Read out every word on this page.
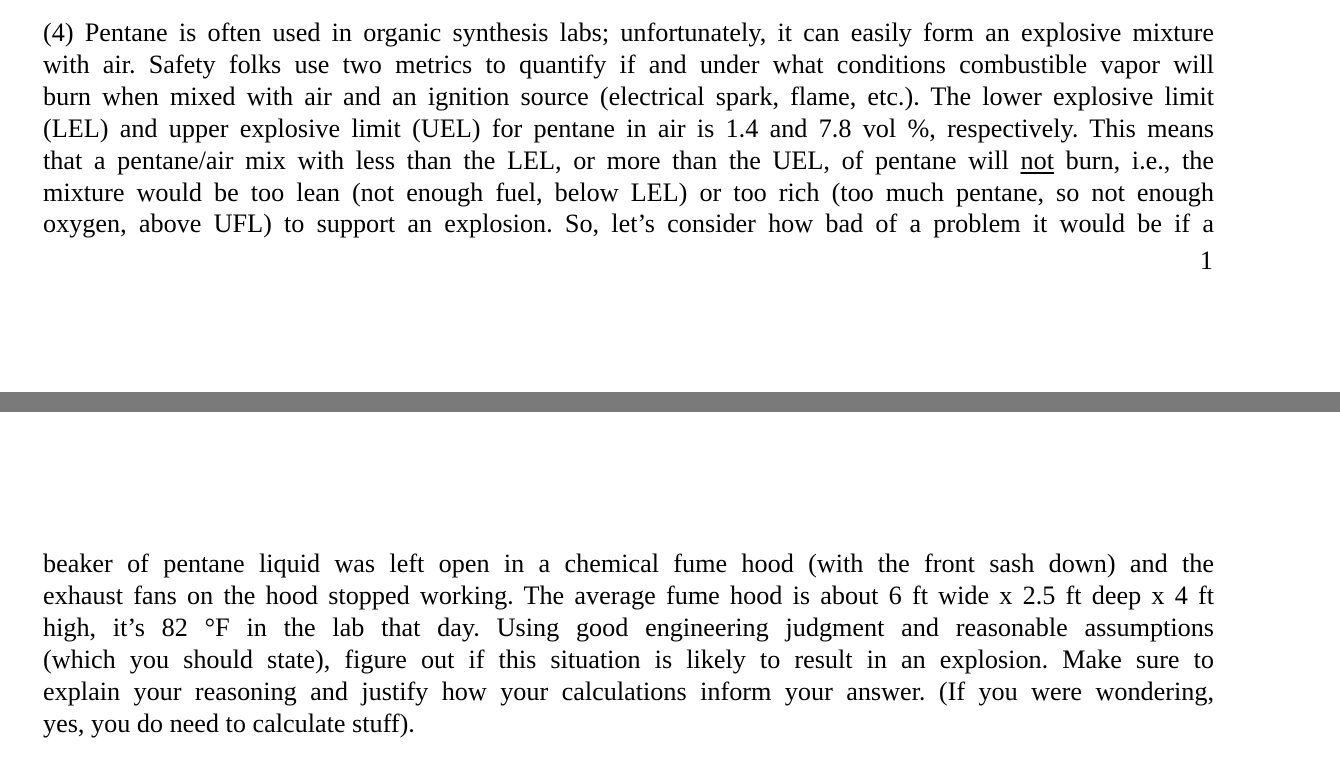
(4) Pentane is often used in organic synthesis labs; unfortunately, it can easily form an explosive mixture
with air. Safety folks use two metrics to quantify if and under what conditions combustible vapor will
burn when mixed with air and an ignition source (electrical spark, flame, etc.). The lower explosive limit
(LEL) and upper explosive limit (UEL) for pentane in air is 1.4 and 7.8 vol %, respectively. This means
that a pentane/air mix with less than the LEL, or more than the UEL, of pentane will not burn, i.e., the
mixture would be too lean (not enough fuel, below LEL) or too rich (too much pentane, so not enough
oxygen, above UFL) to support an explosion. So, let’s consider how bad of a problem it would be if a
1
beaker of pentane liquid was left open in a chemical fume hood (with the front sash down) and the
exhaust fans on the hood stopped working. The average fume hood is about 6 ft wide x 2.5 ft deep x 4 ft
high, it’s 82 °F in the lab that day. Using good engineering judgment and reasonable assumptions
(which you should state), figure out if this situation is likely to result in an explosion. Make sure to
explain your reasoning and justify how your calculations inform your answer. (If you were wondering,
yes, you do need to calculate stuff).
